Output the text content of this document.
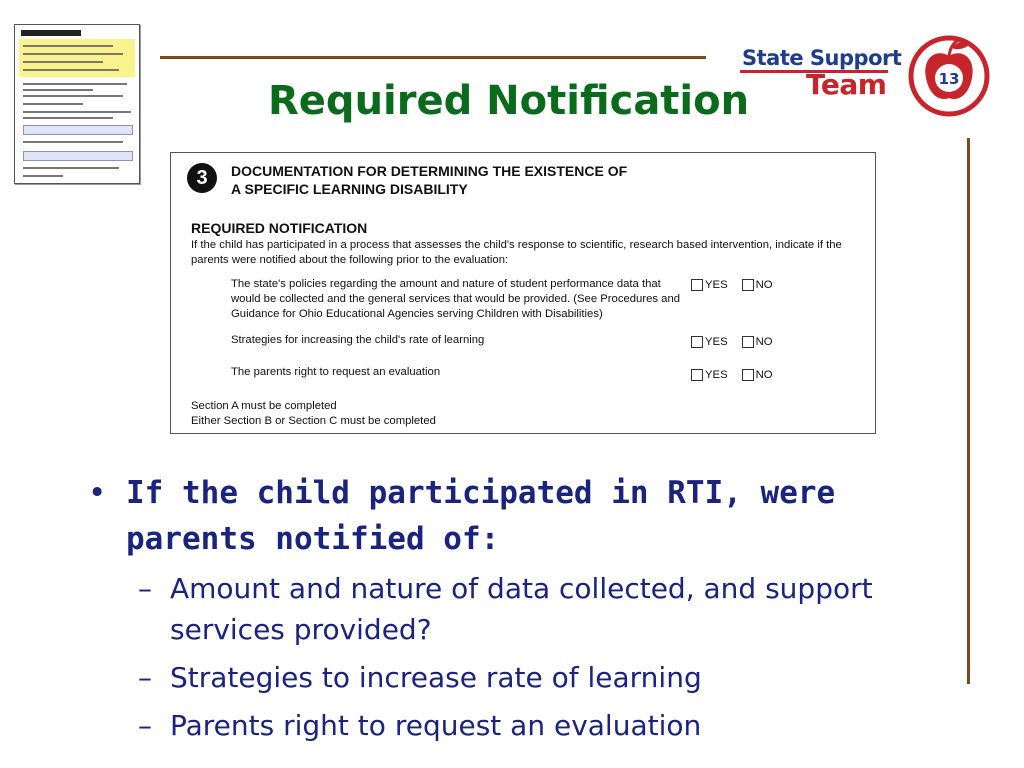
Required Notification
State Support
Team	13
3	DOCUMENTATION FOR DETERMINING THE EXISTENCE OF
A SPECIFIC LEARNING DISABILITY
REQUIRED NOTIFICATION
If the child has participated in a process that assesses the child's response to scientific, research based intervention, indicate if the parents were notified about the following prior to the evaluation:
The state's policies regarding the amount and nature of student performance data that would be collected and the general services that would be provided. (See Procedures and Guidance for Ohio Educational Agencies serving Children with Disabilities)
YES NO
Strategies for increasing the child's rate of learning	YES NO
The parents right to request an evaluation	YES NO
Section A must be completed
Either Section B or Section C must be completed

• If the child participated in RTI, were parents notified of:

– Amount and nature of data collected, and support services provided?
– Strategies to increase rate of learning
– Parents right to request an evaluation
